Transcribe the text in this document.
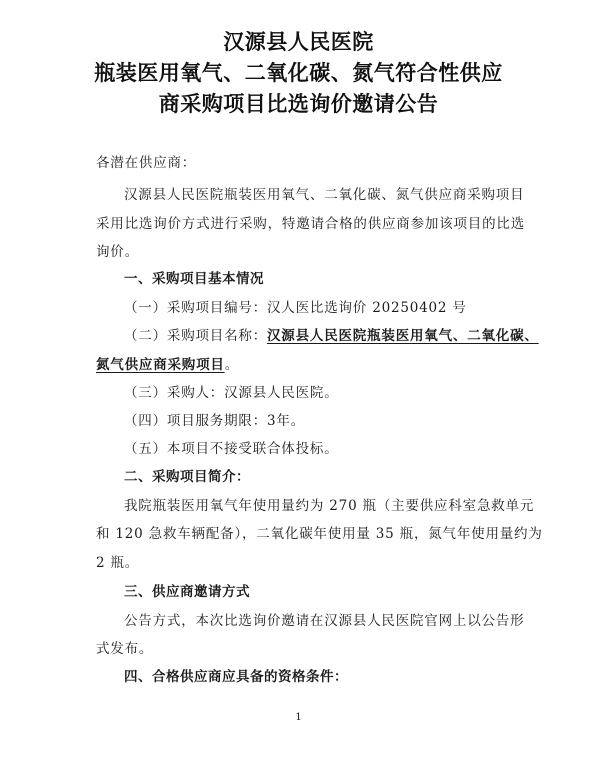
汉源县人民医院
瓶装医用氧气、二氧化碳、氮气符合性供应
商采购项目比选询价邀请公告
各潜在供应商：
汉源县人民医院瓶装医用氧气、二氧化碳、氮气供应商采购项目
采用比选询价方式进行采购，特邀请合格的供应商参加该项目的比选
询价。
一、采购项目基本情况
（一）采购项目编号：汉人医比选询价 20250402 号
（二）采购项目名称：汉源县人民医院瓶装医用氧气、二氧化碳、
氮气供应商采购项目。
（三）采购人：汉源县人民医院。
（四）项目服务期限：3年。
（五）本项目不接受联合体投标。
二、采购项目简介：
我院瓶装医用氧气年使用量约为 270 瓶（主要供应科室急救单元
和 120 急救车辆配备），二氧化碳年使用量 35 瓶，氮气年使用量约为
2 瓶。
三、供应商邀请方式
公告方式，本次比选询价邀请在汉源县人民医院官网上以公告形
式发布。
四、合格供应商应具备的资格条件：
1
